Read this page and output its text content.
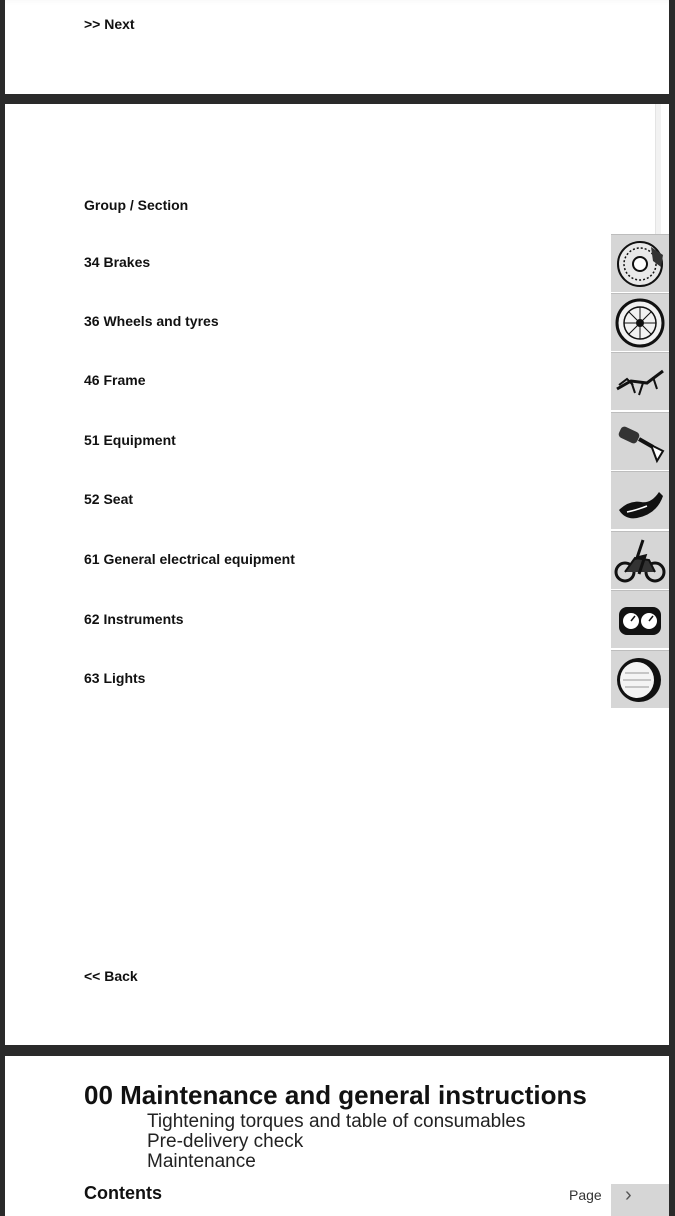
>> Next
Group / Section
34 Brakes
36 Wheels and tyres
46 Frame
51 Equipment
52 Seat
61 General electrical equipment
62 Instruments
63 Lights
<< Back
00 Maintenance and general instructions
Tightening torques and table of consumables
Pre-delivery check
Maintenance
Contents	Page ›
